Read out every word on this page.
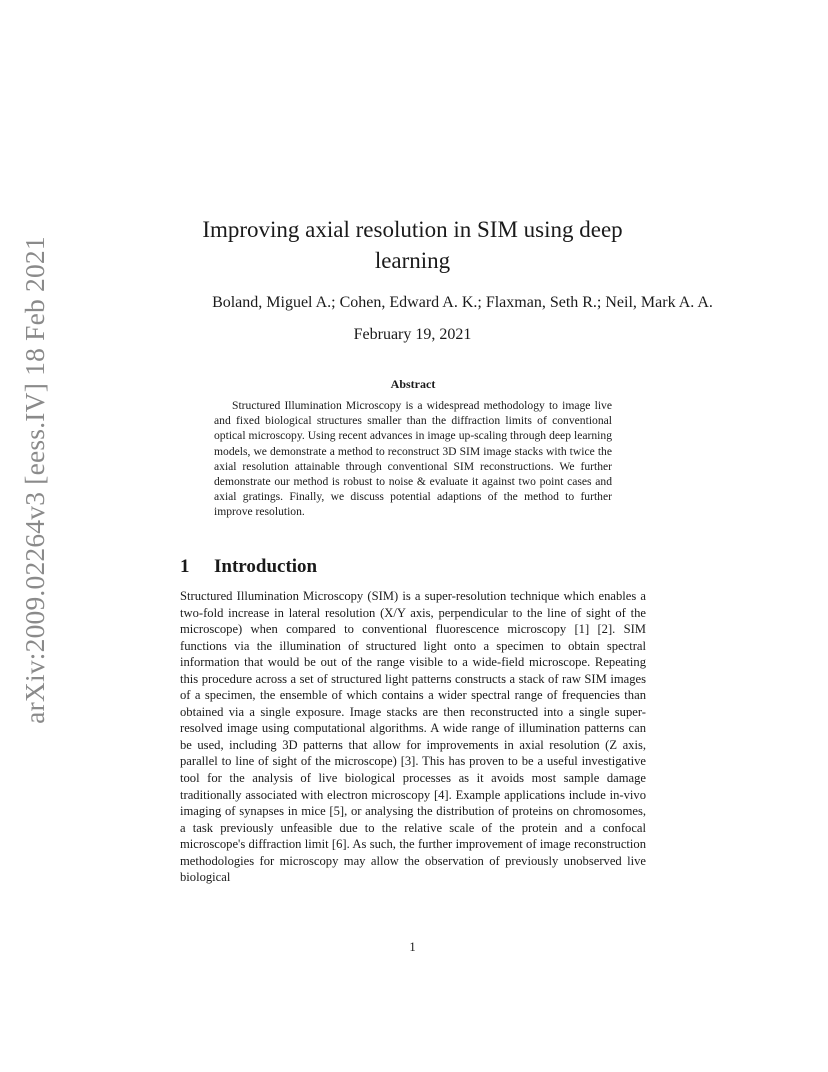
arXiv:2009.02264v3 [eess.IV] 18 Feb 2021
Improving axial resolution in SIM using deep learning
Boland, Miguel A.; Cohen, Edward A. K.; Flaxman, Seth R.; Neil, Mark A. A.
February 19, 2021
Abstract

Structured Illumination Microscopy is a widespread methodology to image live and fixed biological structures smaller than the diffraction limits of conventional optical microscopy. Using recent advances in image up-scaling through deep learning models, we demonstrate a method to reconstruct 3D SIM image stacks with twice the axial resolution attainable through conventional SIM reconstructions. We further demonstrate our method is robust to noise & evaluate it against two point cases and axial gratings. Finally, we discuss potential adaptions of the method to further improve resolution.

1 Introduction

Structured Illumination Microscopy (SIM) is a super-resolution technique which enables a two-fold increase in lateral resolution (X/Y axis, perpendicular to the line of sight of the microscope) when compared to conventional fluorescence microscopy [1] [2]. SIM functions via the illumination of structured light onto a specimen to obtain spectral information that would be out of the range visible to a wide-field microscope. Repeating this procedure across a set of structured light patterns constructs a stack of raw SIM images of a specimen, the ensemble of which contains a wider spectral range of frequencies than obtained via a single exposure. Image stacks are then reconstructed into a single super-resolved image using computational algorithms. A wide range of illumination patterns can be used, including 3D patterns that allow for improvements in axial resolution (Z axis, parallel to line of sight of the microscope) [3]. This has proven to be a useful investigative tool for the analysis of live biological processes as it avoids most sample damage traditionally associated with electron microscopy [4]. Example applications include in-vivo imaging of synapses in mice [5], or analysing the distribution of proteins on chromosomes, a task previously unfeasible due to the relative scale of the protein and a confocal microscope's diffraction limit [6]. As such, the further improvement of image reconstruction methodologies for microscopy may allow the observation of previously unobserved live biological

1
